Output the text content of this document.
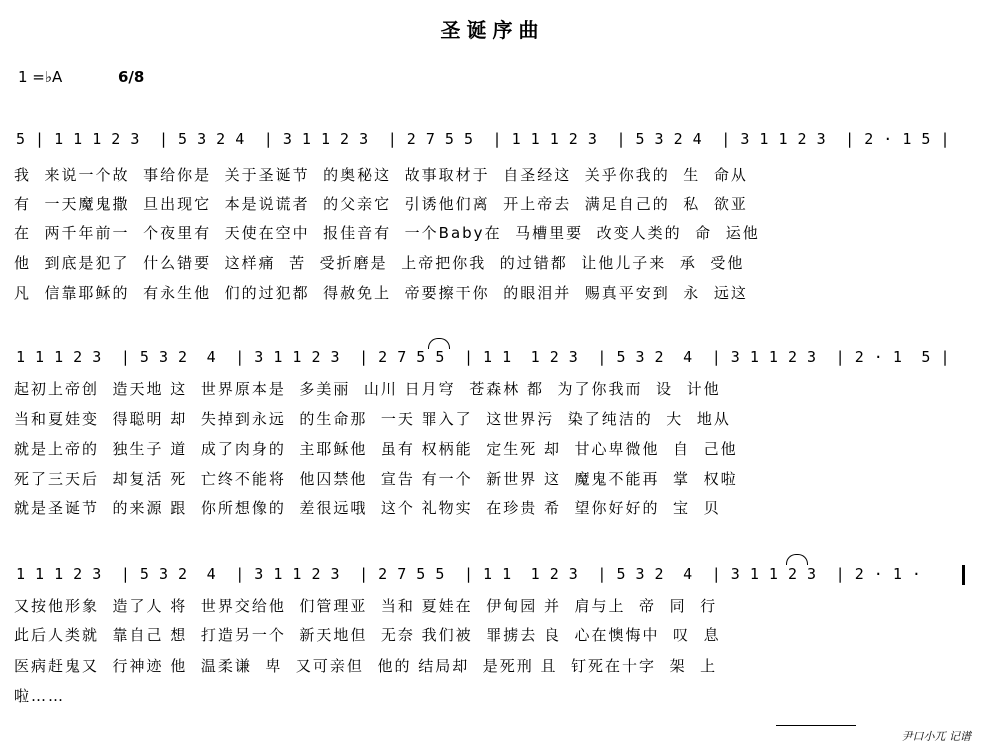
圣诞序曲
1 =♭A	6/8
5 | 1 1 1 2 3  | 5 3 2 4  | 3 1 1 2 3  | 2 7 5 5  | 1 1 1 2 3  | 5 3 2 4  | 3 1 1 2 3  | 2 · 1 5 |
我  来说一个故  事给你是  关于圣诞节  的奥秘这  故事取材于  自圣经这  关乎你我的  生  命从
有  一天魔鬼撒  旦出现它  本是说谎者  的父亲它  引诱他们离  开上帝去  满足自己的  私  欲亚
在  两千年前一  个夜里有  天使在空中  报佳音有  一个Baby在  马槽里要  改变人类的  命  运他
他  到底是犯了  什么错要  这样痛  苦  受折磨是  上帝把你我  的过错都  让他儿子来  承  受他
凡  信靠耶稣的  有永生他  们的过犯都  得赦免上  帝要擦干你  的眼泪并  赐真平安到  永  远这
1 1 1 2 3  | 5 3 2  4  | 3 1 1 2 3  | 2 7 5 5  | 1 1  1 2 3  | 5 3 2  4  | 3 1 1 2 3  | 2 · 1  5 |
起初上帝创  造天地 这  世界原本是  多美丽  山川 日月穹  苍森林 都  为了你我而  设  计他
当和夏娃变  得聪明 却  失掉到永远  的生命那  一天 罪入了  这世界污  染了纯洁的  大  地从
就是上帝的  独生子 道  成了肉身的  主耶稣他  虽有 权柄能  定生死 却  甘心卑微他  自  己他
死了三天后  却复活 死  亡终不能将  他囚禁他  宣告 有一个  新世界 这  魔鬼不能再  掌  权啦
就是圣诞节  的来源 跟  你所想像的  差很远哦  这个 礼物实  在珍贵 希  望你好好的  宝  贝
1 1 1 2 3  | 5 3 2  4  | 3 1 1 2 3  | 2 7 5 5  | 1 1  1 2 3  | 5 3 2  4  | 3 1 1 2 3  | 2 · 1 ·
又按他形象  造了人 将  世界交给他  们管理亚  当和 夏娃在  伊甸园 并  肩与上  帝  同  行
此后人类就  靠自己 想  打造另一个  新天地但  无奈 我们被  罪掳去 良  心在懊悔中  叹  息
医病赶鬼又  行神迹 他  温柔谦  卑  又可亲但  他的 结局却  是死刑 且  钉死在十字  架  上
啦……
尹口小兀 记谱
